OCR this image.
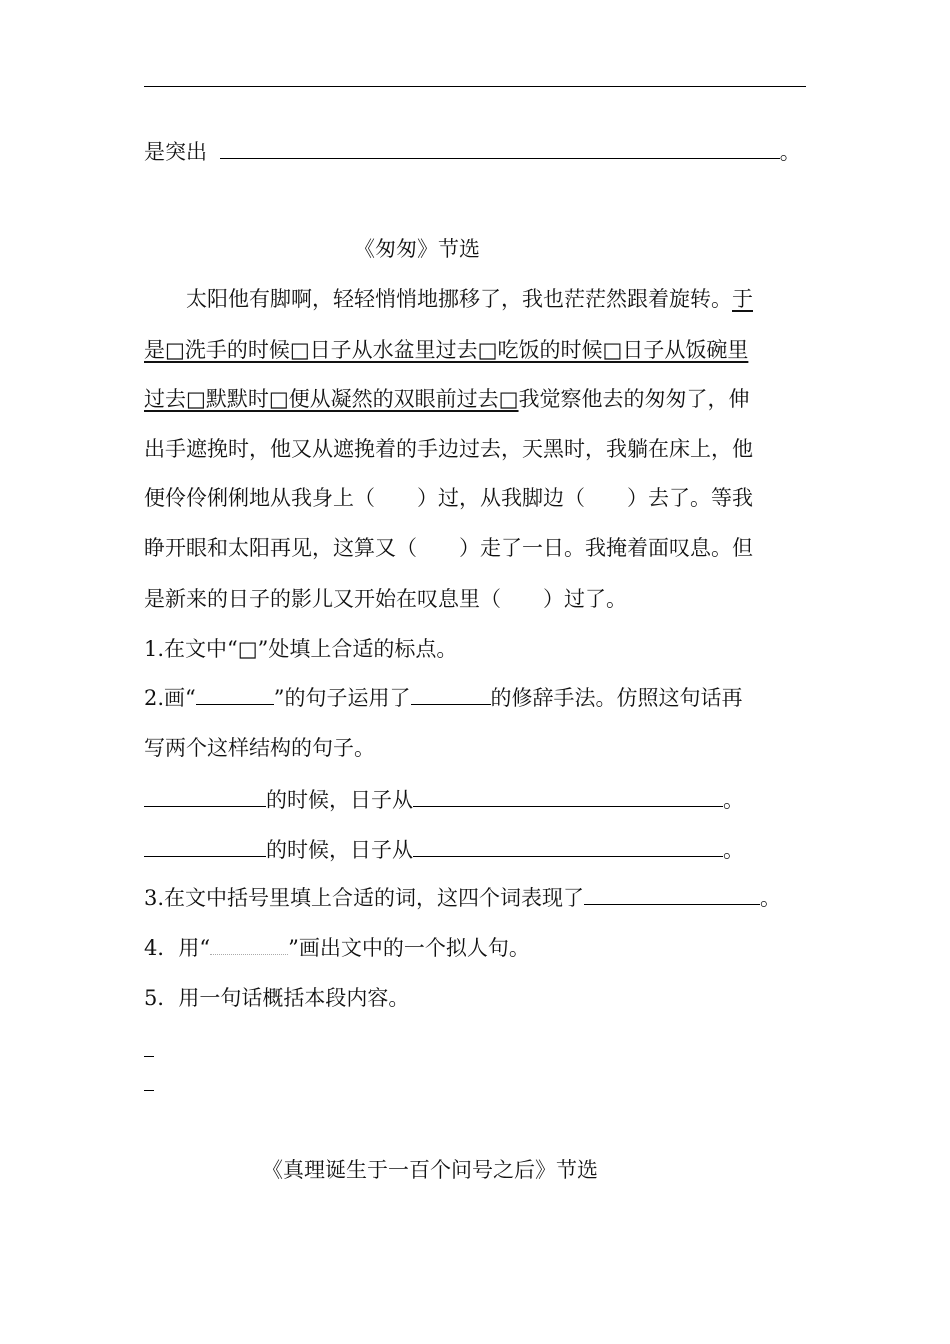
是突出	。
《匆匆》节选
太阳他有脚啊，轻轻悄悄地挪移了，我也茫茫然跟着旋转。于
是□洗手的时候□日子从水盆里过去□吃饭的时候□日子从饭碗里
过去□默默时□便从凝然的双眼前过去□我觉察他去的匆匆了，伸
出手遮挽时，他又从遮挽着的手边过去，天黑时，我躺在床上，他
便伶伶俐俐地从我身上（　　）过，从我脚边（　　）去了。等我
睁开眼和太阳再见，这算又（　　）走了一日。我掩着面叹息。但
是新来的日子的影儿又开始在叹息里（　　）过了。
1.在文中“□”处填上合适的标点。
2.画“	”的句子运用了	的修辞手法。仿照这句话再
写两个这样结构的句子。
的时候，日子从	。
的时候，日子从	。
3.在文中括号里填上合适的词，这四个词表现了	。
4．用“	”画出文中的一个拟人句。
5．用一句话概括本段内容。
《真理诞生于一百个问号之后》节选
